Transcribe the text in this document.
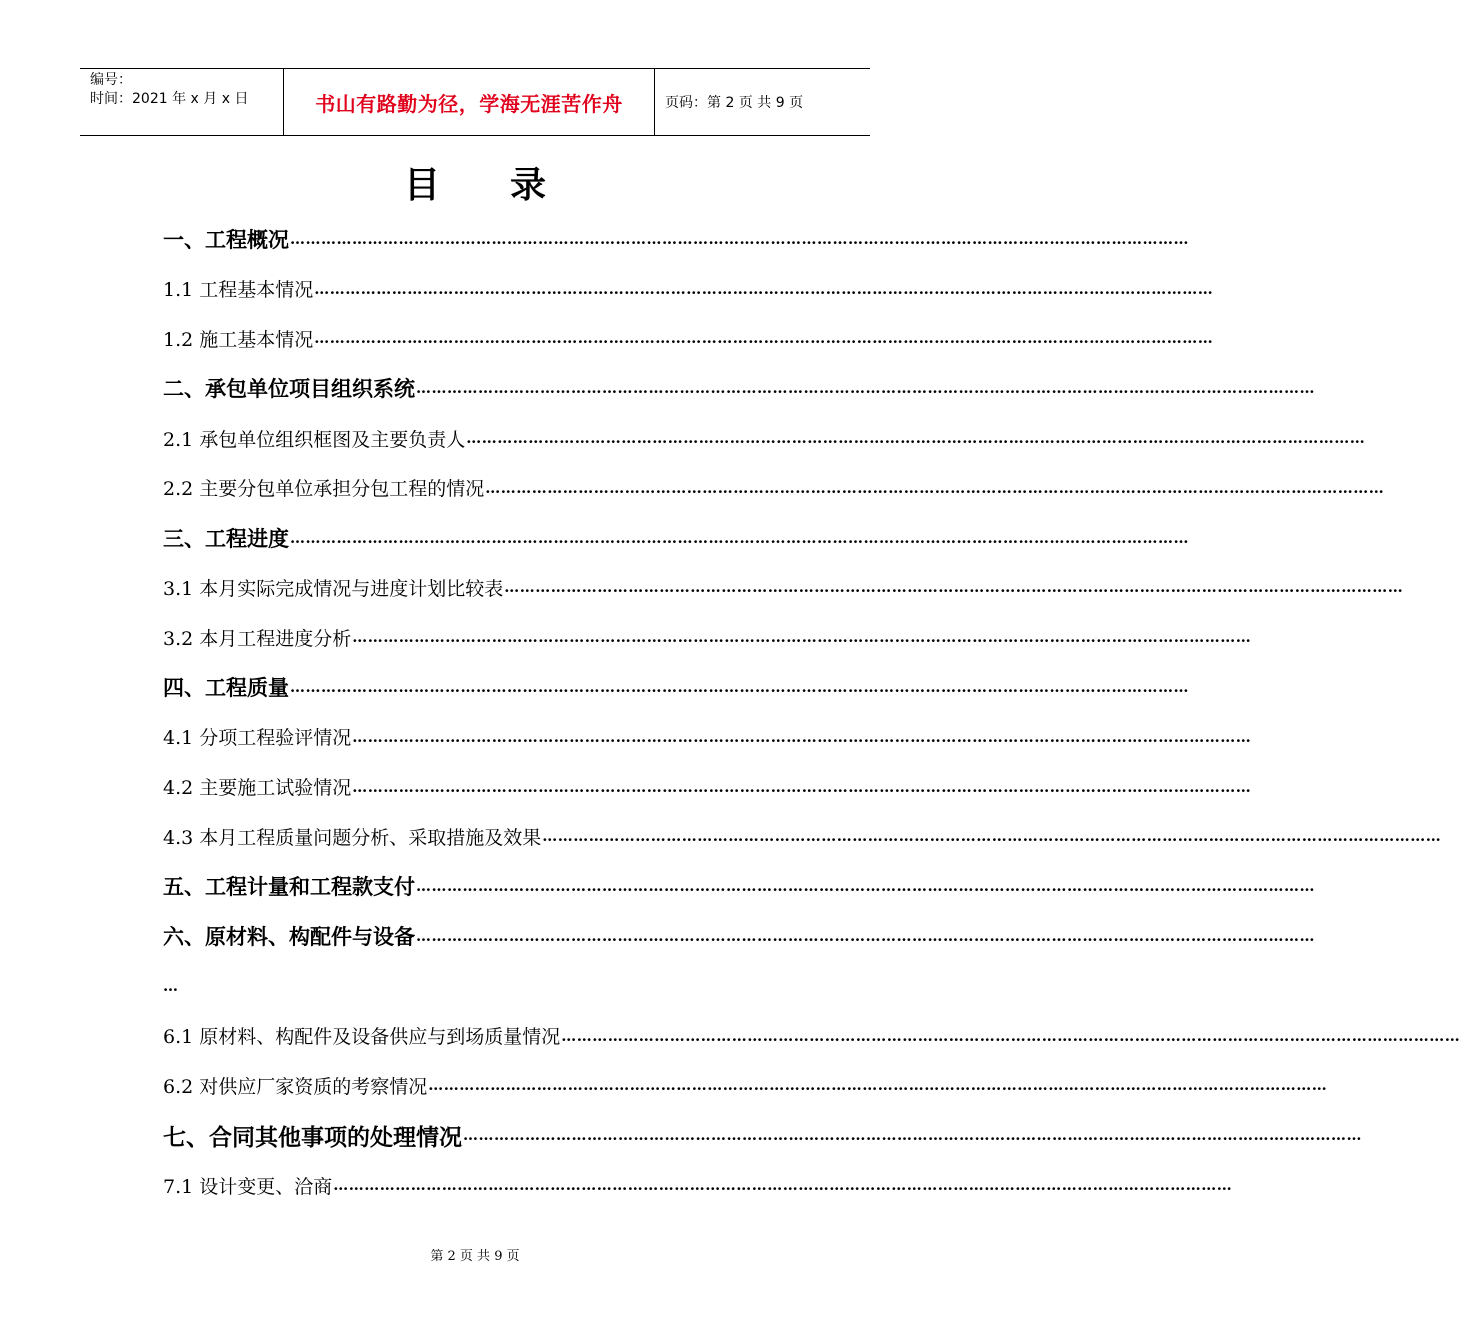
编号：
时间：2021 年 x 月 x 日	书山有路勤为径，学海无涯苦作舟	页码：第 2 页 共 9 页
目录
一、工程概况 …………………………………………………………………………………………………………………………………………………………
1.1 工程基本情况 …………………………………………………………………………………………………………………………………………………………
1.2 施工基本情况 …………………………………………………………………………………………………………………………………………………………
二、承包单位项目组织系统 …………………………………………………………………………………………………………………………………………………………
2.1 承包单位组织框图及主要负责人 …………………………………………………………………………………………………………………………………………………………
2.2 主要分包单位承担分包工程的情况 …………………………………………………………………………………………………………………………………………………………
三、工程进度 …………………………………………………………………………………………………………………………………………………………
3.1 本月实际完成情况与进度计划比较表 …………………………………………………………………………………………………………………………………………………………
3.2 本月工程进度分析 …………………………………………………………………………………………………………………………………………………………
四、工程质量 …………………………………………………………………………………………………………………………………………………………
4.1 分项工程验评情况 …………………………………………………………………………………………………………………………………………………………
4.2 主要施工试验情况 …………………………………………………………………………………………………………………………………………………………
4.3 本月工程质量问题分析、采取措施及效果 …………………………………………………………………………………………………………………………………………………………
五、工程计量和工程款支付 …………………………………………………………………………………………………………………………………………………………
六、原材料、构配件与设备 …………………………………………………………………………………………………………………………………………………………
…
6.1 原材料、构配件及设备供应与到场质量情况 …………………………………………………………………………………………………………………………………………………………
6.2 对供应厂家资质的考察情况 …………………………………………………………………………………………………………………………………………………………
七、合同其他事项的处理情况 …………………………………………………………………………………………………………………………………………………………
7.1 设计变更、洽商 …………………………………………………………………………………………………………………………………………………………
第 2 页 共 9 页
